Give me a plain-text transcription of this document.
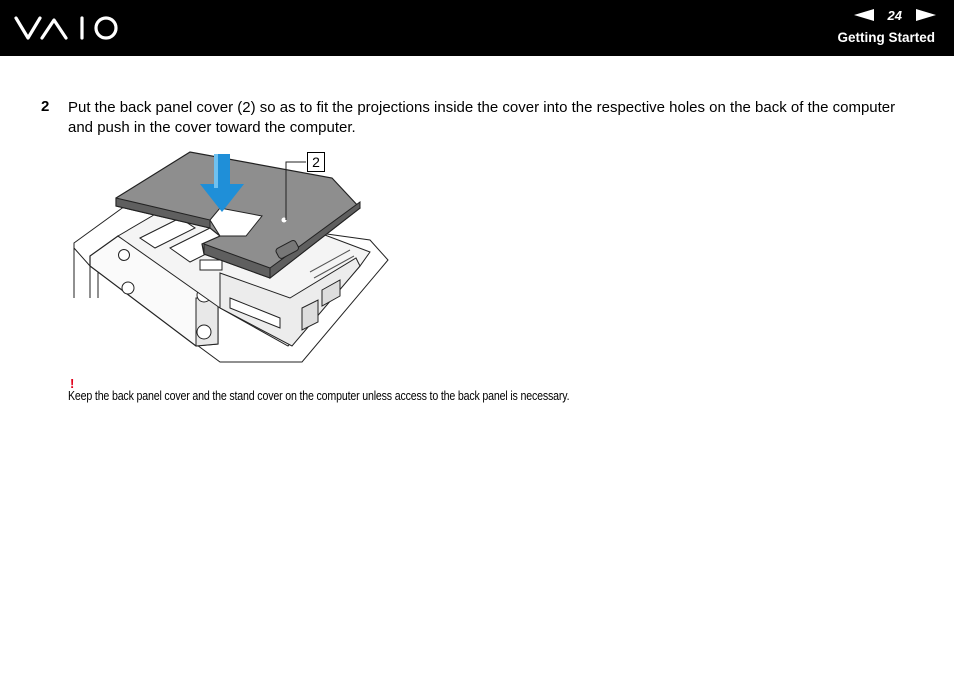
24
Getting Started
2 Put the back panel cover (2) so as to fit the projections inside the cover into the respective holes on the back of the computer and push in the cover toward the computer.
2
!
Keep the back panel cover and the stand cover on the computer unless access to the back panel is necessary.
